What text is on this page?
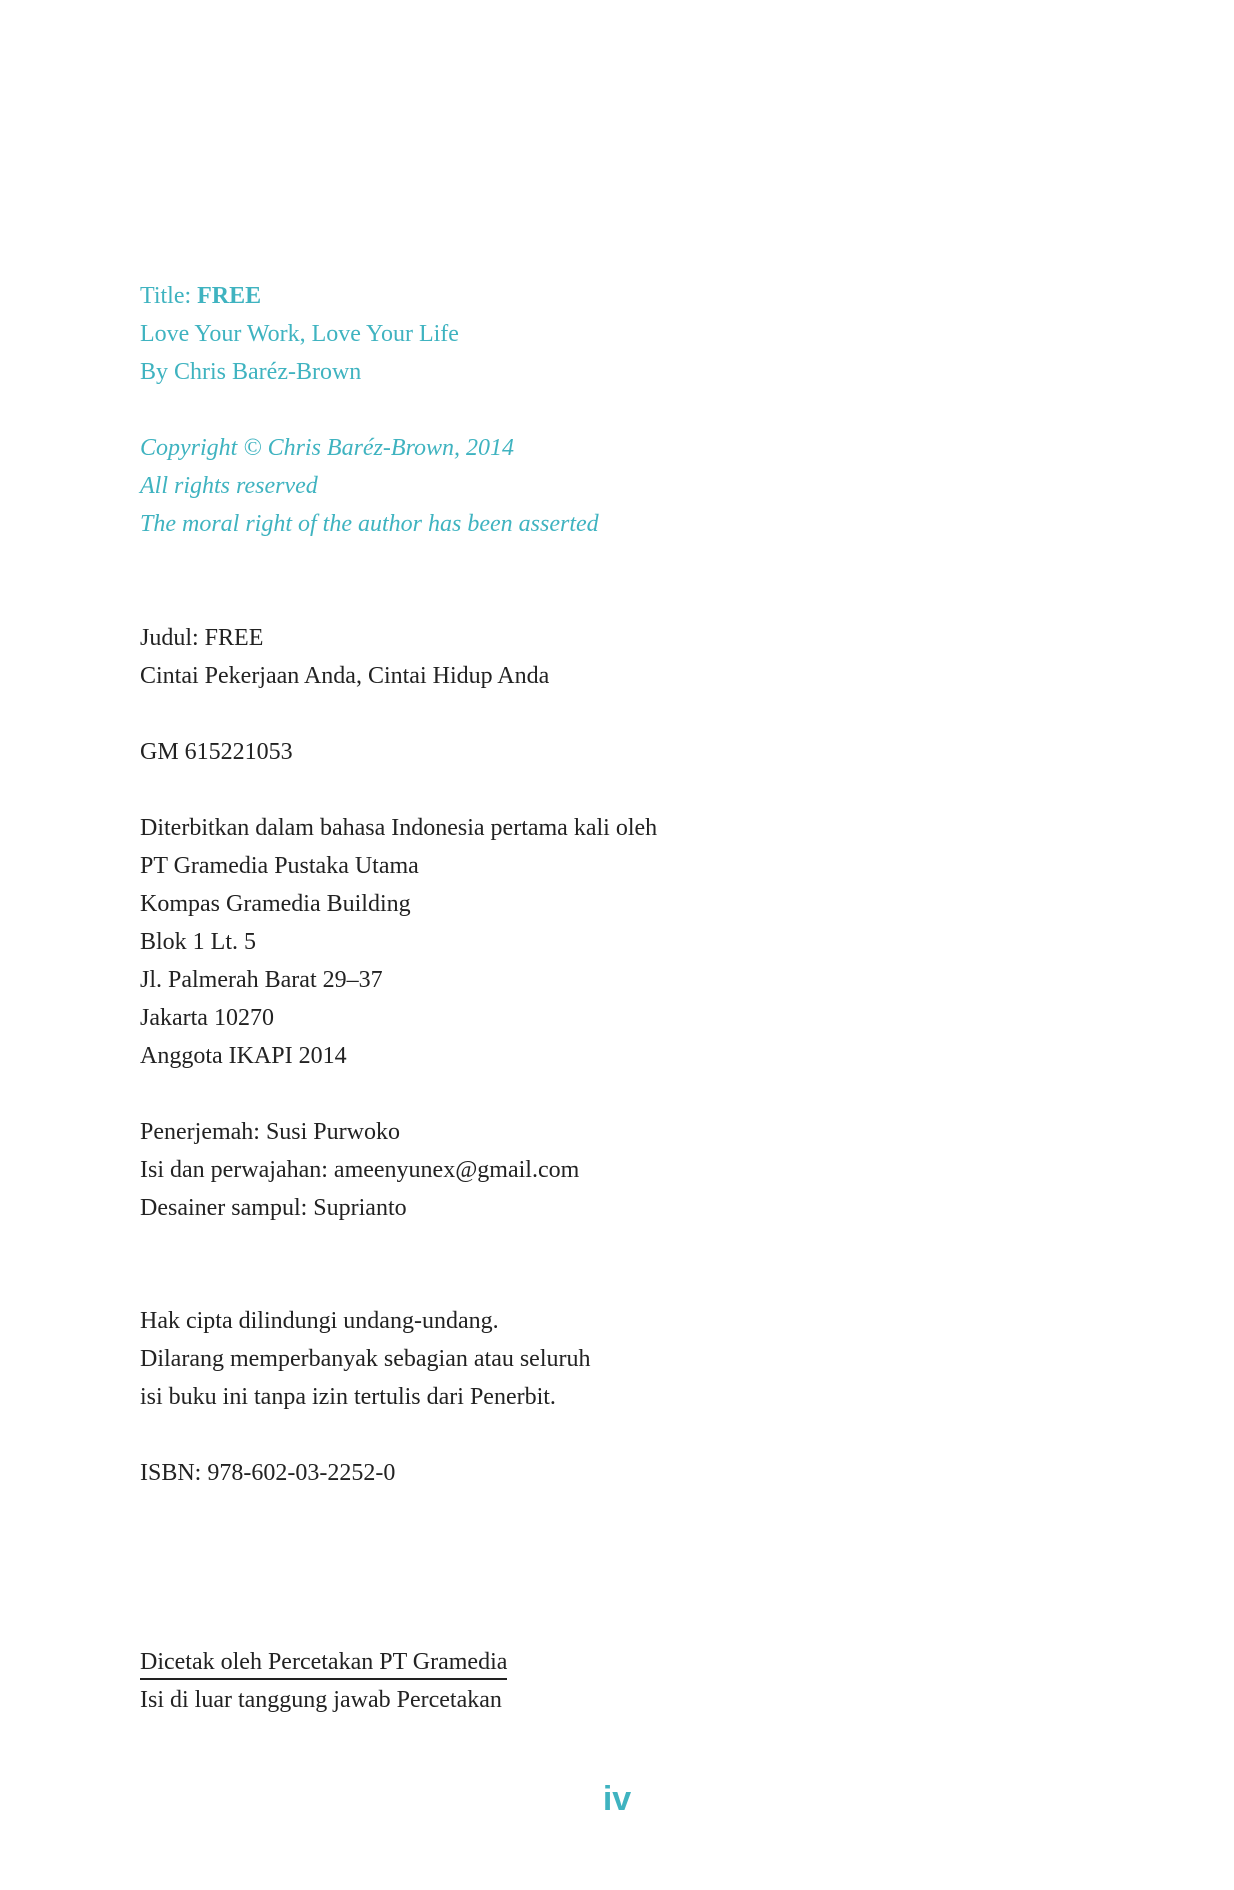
Title: FREE
Love Your Work, Love Your Life
By Chris Baréz-Brown
Copyright © Chris Baréz-Brown, 2014
All rights reserved
The moral right of the author has been asserted
Judul: FREE
Cintai Pekerjaan Anda, Cintai Hidup Anda
GM 615221053
Diterbitkan dalam bahasa Indonesia pertama kali oleh
PT Gramedia Pustaka Utama
Kompas Gramedia Building
Blok 1 Lt. 5
Jl. Palmerah Barat 29–37
Jakarta 10270
Anggota IKAPI 2014
Penerjemah: Susi Purwoko
Isi dan perwajahan: ameenyunex@gmail.com
Desainer sampul: Suprianto
Hak cipta dilindungi undang-undang.
Dilarang memperbanyak sebagian atau seluruh
isi buku ini tanpa izin tertulis dari Penerbit.
ISBN: 978-602-03-2252-0
Dicetak oleh Percetakan PT Gramedia
Isi di luar tanggung jawab Percetakan
iv
